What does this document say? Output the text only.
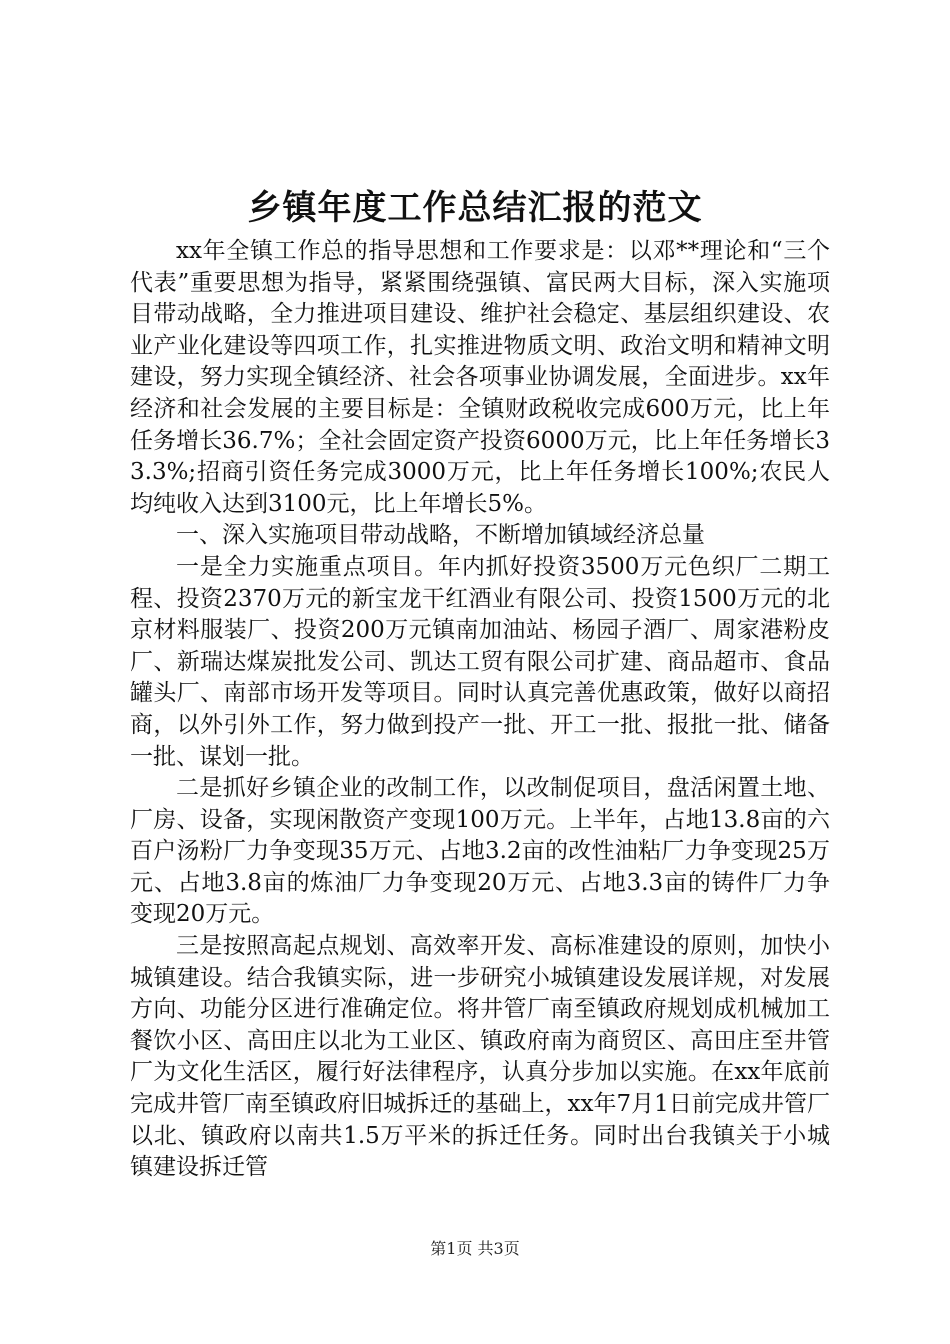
乡镇年度工作总结汇报的范文

xx年全镇工作总的指导思想和工作要求是：以邓**理论和“三个代表”重要思想为指导，紧紧围绕强镇、富民两大目标，深入实施项目带动战略，全力推进项目建设、维护社会稳定、基层组织建设、农业产业化建设等四项工作，扎实推进物质文明、政治文明和精神文明建设，努力实现全镇经济、社会各项事业协调发展，全面进步。xx年经济和社会发展的主要目标是：全镇财政税收完成600万元，比上年任务增长36.7%；全社会固定资产投资6000万元，比上年任务增长33.3%;招商引资任务完成3000万元，比上年任务增长100%;农民人均纯收入达到3100元，比上年增长5%。

一、深入实施项目带动战略，不断增加镇域经济总量

一是全力实施重点项目。年内抓好投资3500万元色织厂二期工程、投资2370万元的新宝龙干红酒业有限公司、投资1500万元的北京材料服装厂、投资200万元镇南加油站、杨园子酒厂、周家港粉皮厂、新瑞达煤炭批发公司、凯达工贸有限公司扩建、商品超市、食品罐头厂、南部市场开发等项目。同时认真完善优惠政策，做好以商招商，以外引外工作，努力做到投产一批、开工一批、报批一批、储备一批、谋划一批。

二是抓好乡镇企业的改制工作，以改制促项目，盘活闲置土地、厂房、设备，实现闲散资产变现100万元。上半年，占地13.8亩的六百户汤粉厂力争变现35万元、占地3.2亩的改性油粘厂力争变现25万元、占地3.8亩的炼油厂力争变现20万元、占地3.3亩的铸件厂力争变现20万元。

三是按照高起点规划、高效率开发、高标准建设的原则，加快小城镇建设。结合我镇实际，进一步研究小城镇建设发展详规，对发展方向、功能分区进行准确定位。将井管厂南至镇政府规划成机械加工餐饮小区、高田庄以北为工业区、镇政府南为商贸区、高田庄至井管厂为文化生活区，履行好法律程序，认真分步加以实施。在xx年底前完成井管厂南至镇政府旧城拆迁的基础上，xx年7月1日前完成井管厂以北、镇政府以南共1.5万平米的拆迁任务。同时出台我镇关于小城镇建设拆迁管

第1页 共3页
